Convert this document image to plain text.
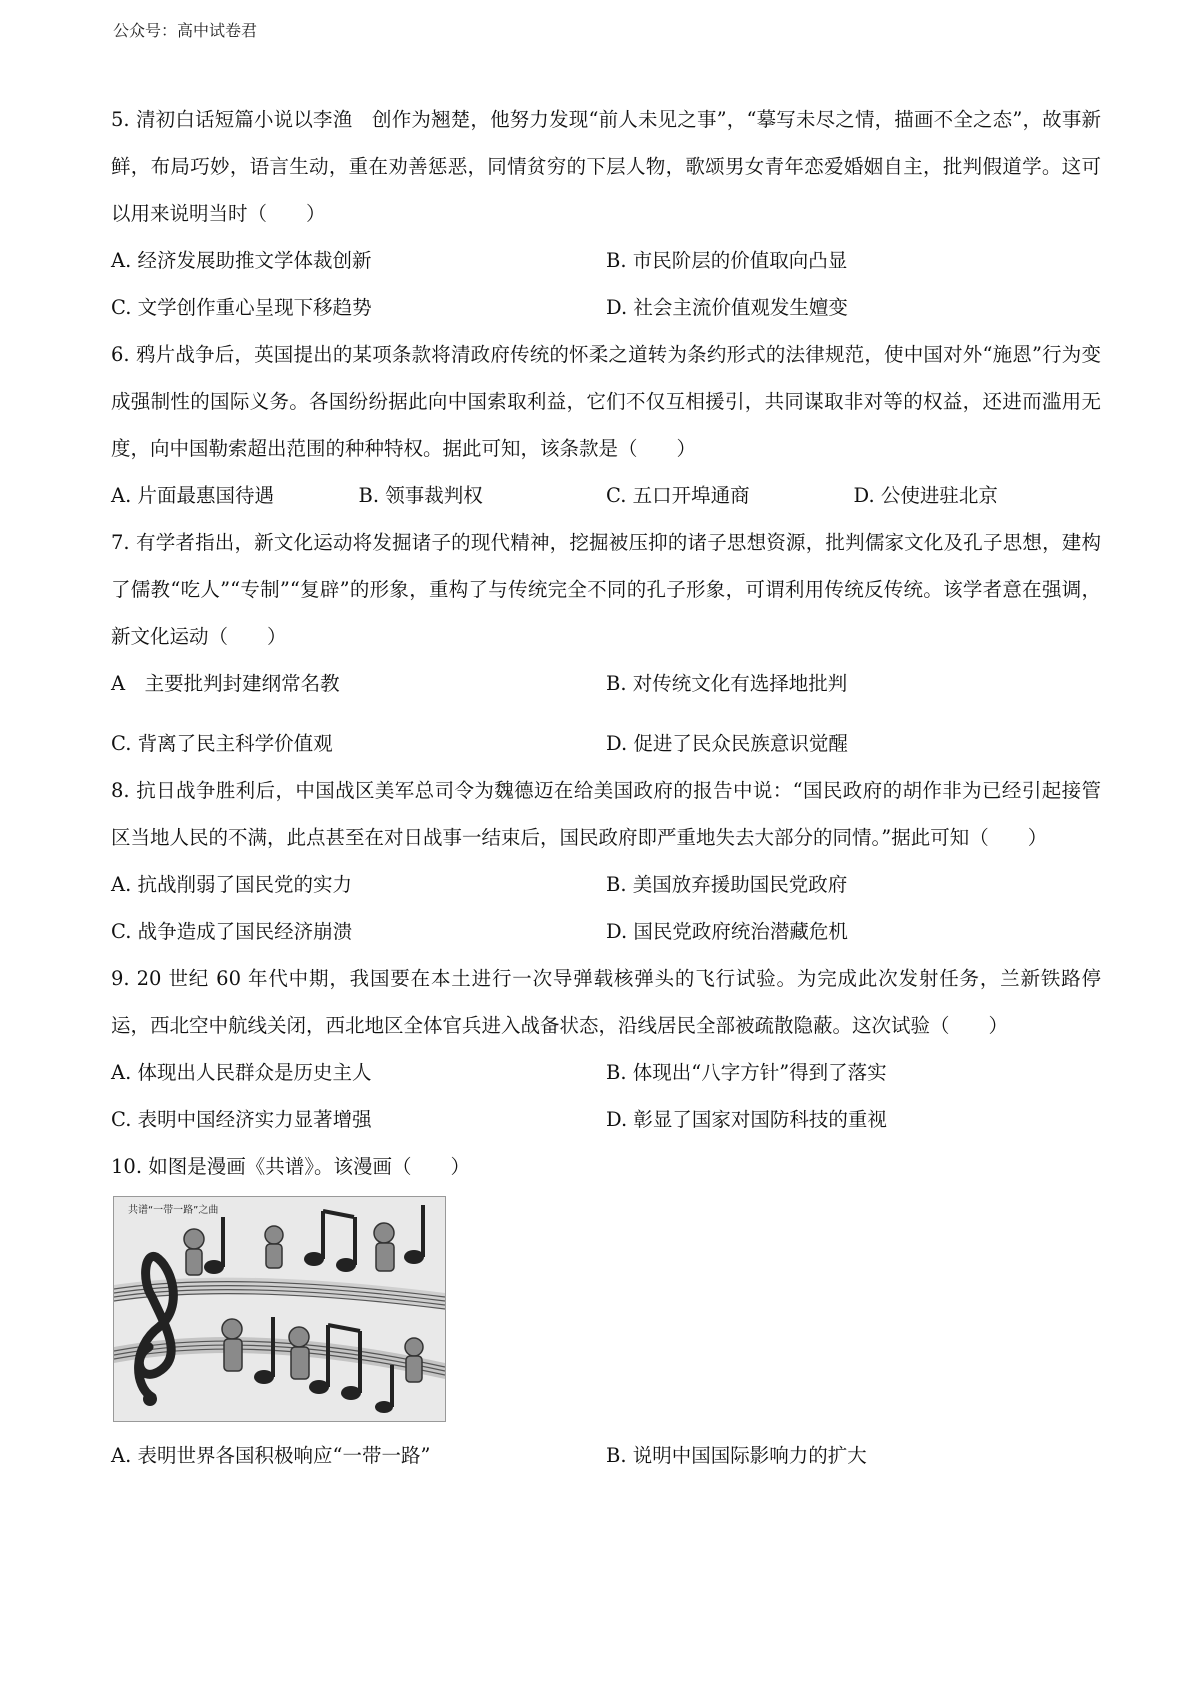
公众号：高中试卷君

5. 清初白话短篇小说以李渔　创作为翘楚，他努力发现“前人未见之事”，“摹写未尽之情，描画不全之态”，故事新鲜，布局巧妙，语言生动，重在劝善惩恶，同情贫穷的下层人物，歌颂男女青年恋爱婚姻自主，批判假道学。这可以用来说明当时（　　）

A. 经济发展助推文学体裁创新	B. 市民阶层的价值取向凸显
C. 文学创作重心呈现下移趋势	D. 社会主流价值观发生嬗变

6. 鸦片战争后，英国提出的某项条款将清政府传统的怀柔之道转为条约形式的法律规范，使中国对外“施恩”行为变成强制性的国际义务。各国纷纷据此向中国索取利益，它们不仅互相援引，共同谋取非对等的权益，还进而滥用无度，向中国勒索超出范围的种种特权。据此可知，该条款是（　　）

A. 片面最惠国待遇	B. 领事裁判权	C. 五口开埠通商	D. 公使进驻北京

7. 有学者指出，新文化运动将发掘诸子的现代精神，挖掘被压抑的诸子思想资源，批判儒家文化及孔子思想，建构了儒教“吃人”“专制”“复辟”的形象，重构了与传统完全不同的孔子形象，可谓利用传统反传统。该学者意在强调，新文化运动（　　）

A　主要批判封建纲常名教	B. 对传统文化有选择地批判
C. 背离了民主科学价值观	D. 促进了民众民族意识觉醒

8. 抗日战争胜利后，中国战区美军总司令为魏德迈在给美国政府的报告中说：“国民政府的胡作非为已经引起接管区当地人民的不满，此点甚至在对日战事一结束后，国民政府即严重地失去大部分的同情。”据此可知（　　）

A. 抗战削弱了国民党的实力	B. 美国放弃援助国民党政府
C. 战争造成了国民经济崩溃	D. 国民党政府统治潜藏危机

9. 20 世纪 60 年代中期，我国要在本土进行一次导弹载核弹头的飞行试验。为完成此次发射任务，兰新铁路停运，西北空中航线关闭，西北地区全体官兵进入战备状态，沿线居民全部被疏散隐蔽。这次试验（　　）

A. 体现出人民群众是历史主人	B. 体现出“八字方针”得到了落实
C. 表明中国经济实力显著增强	D. 彰显了国家对国防科技的重视

10. 如图是漫画《共谱》。该漫画（　　）

共谱“一带一路”之曲
A. 表明世界各国积极响应“一带一路”	B. 说明中国国际影响力的扩大
